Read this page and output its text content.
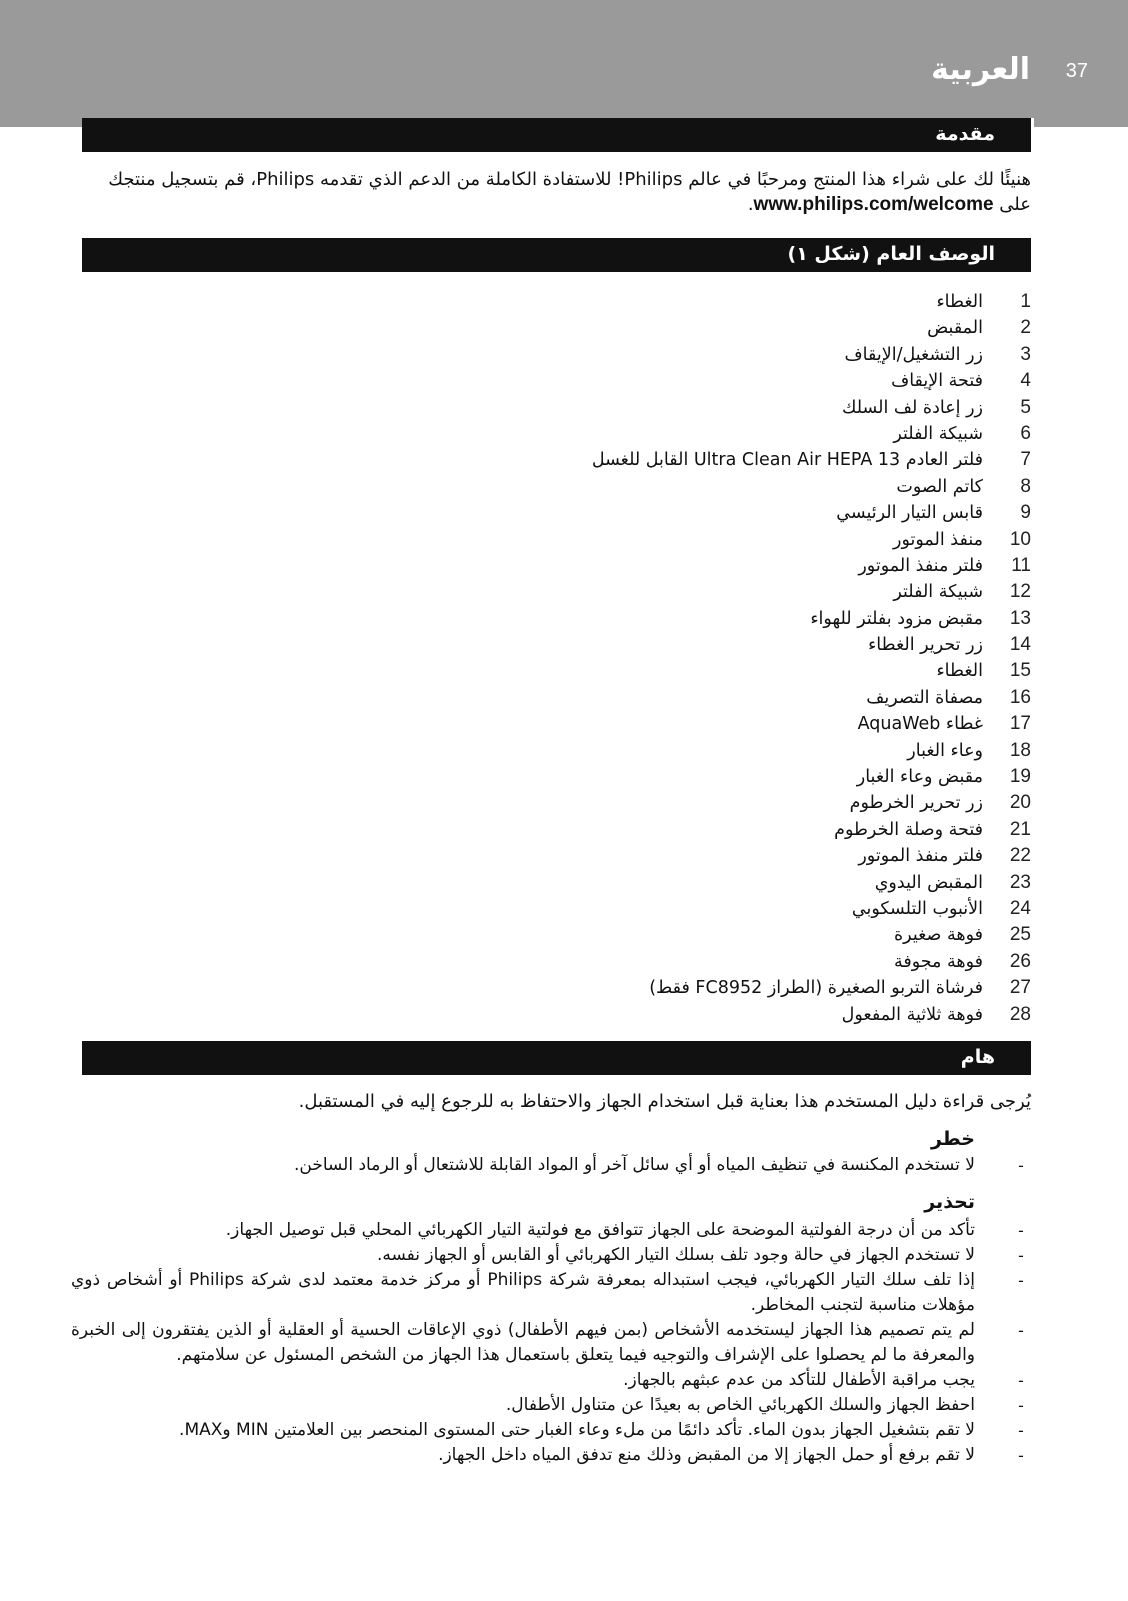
العربية 37
مقدمة
هنيئًا لك على شراء هذا المنتج ومرحبًا في عالم Philips! للاستفادة الكاملة من الدعم الذي تقدمه Philips، قم بتسجيل منتجك على www.philips.com/welcome.
الوصف العام (شكل ١)
1
الغطاء
2
المقبض
3
زر التشغيل/الإيقاف
4
فتحة الإيقاف
5
زر إعادة لف السلك
6
شبيكة الفلتر
7
فلتر العادم Ultra Clean Air HEPA 13 القابل للغسل
8
كاتم الصوت
9
قابس التيار الرئيسي
10
منفذ الموتور
11
فلتر منفذ الموتور
12
شبيكة الفلتر
13
مقبض مزود بفلتر للهواء
14
زر تحرير الغطاء
15
الغطاء
16
مصفاة التصريف
17
غطاء AquaWeb
18
وعاء الغبار
19
مقبض وعاء الغبار
20
زر تحرير الخرطوم
21
فتحة وصلة الخرطوم
22
فلتر منفذ الموتور
23
المقبض اليدوي
24
الأنبوب التلسكوبي
25
فوهة صغيرة
26
فوهة مجوفة
27
فرشاة التربو الصغيرة (الطراز FC8952 فقط)
28
فوهة ثلاثية المفعول
هام
يُرجى قراءة دليل المستخدم هذا بعناية قبل استخدام الجهاز والاحتفاظ به للرجوع إليه في المستقبل.
خطر
-
لا تستخدم المكنسة في تنظيف المياه أو أي سائل آخر أو المواد القابلة للاشتعال أو الرماد الساخن.
تحذير
-
تأكد من أن درجة الفولتية الموضحة على الجهاز تتوافق مع فولتية التيار الكهربائي المحلي قبل توصيل الجهاز.
-
لا تستخدم الجهاز في حالة وجود تلف بسلك التيار الكهربائي أو القابس أو الجهاز نفسه.
-
إذا تلف سلك التيار الكهربائي، فيجب استبداله بمعرفة شركة Philips أو مركز خدمة معتمد لدى شركة Philips أو أشخاص ذوي مؤهلات مناسبة لتجنب المخاطر.
-
لم يتم تصميم هذا الجهاز ليستخدمه الأشخاص (بمن فيهم الأطفال) ذوي الإعاقات الحسية أو العقلية أو الذين يفتقرون إلى الخبرة والمعرفة ما لم يحصلوا على الإشراف والتوجيه فيما يتعلق باستعمال هذا الجهاز من الشخص المسئول عن سلامتهم.
-
يجب مراقبة الأطفال للتأكد من عدم عبثهم بالجهاز.
-
احفظ الجهاز والسلك الكهربائي الخاص به بعيدًا عن متناول الأطفال.
-
لا تقم بتشغيل الجهاز بدون الماء. تأكد دائمًا من ملء وعاء الغبار حتى المستوى المنحصر بين العلامتين MIN وMAX.
-
لا تقم برفع أو حمل الجهاز إلا من المقبض وذلك منع تدفق المياه داخل الجهاز.
